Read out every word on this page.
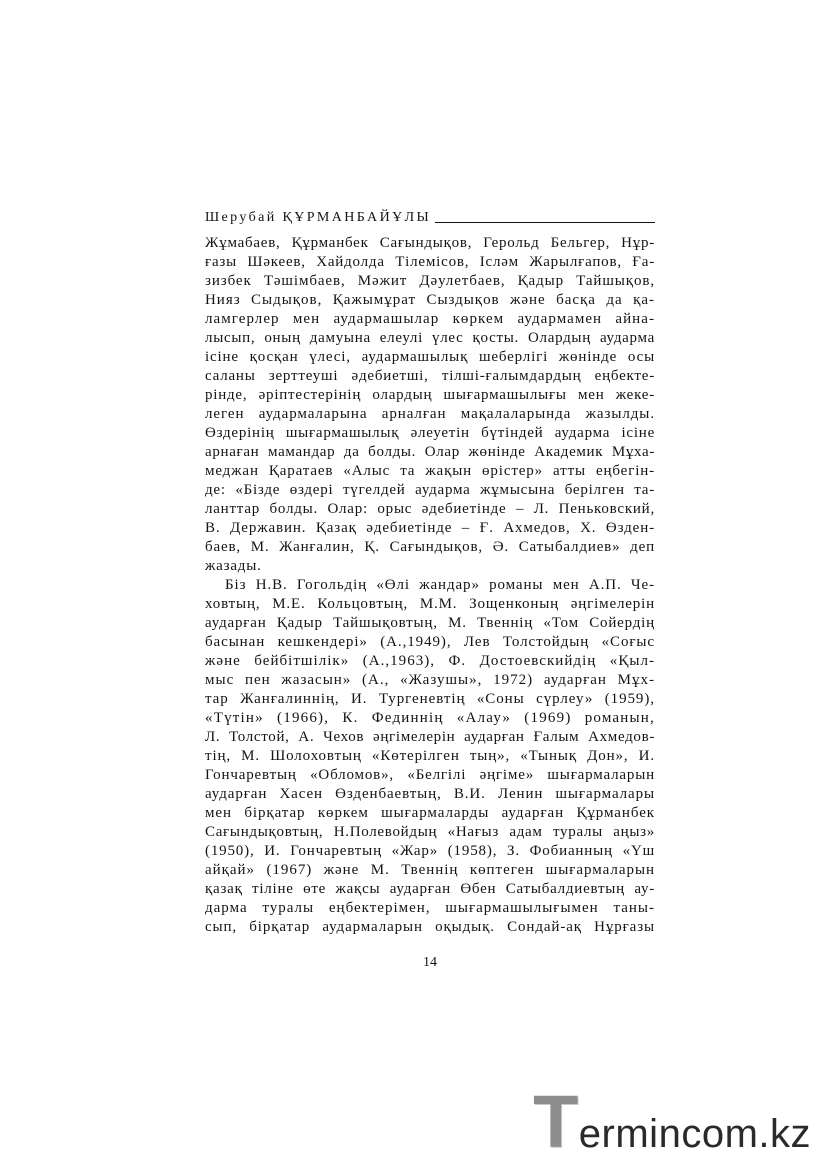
Шерубай ҚҰРМАНБАЙҰЛЫ
Жұмабаев, Құрманбек Сағындықов, Герольд Бельгер, Нұр-
ғазы Шәкеев, Хайдолда Тілемісов, Ісләм Жарылғапов, Ға-
зизбек Тәшімбаев, Мәжит Дәулетбаев, Қадыр Тайшықов,
Нияз Сыдықов, Қажымұрат Сыздықов және басқа да қа-
ламгерлер мен аудармашылар көркем аудармамен айна-
лысып, оның дамуына елеулі үлес қосты. Олардың аударма
ісіне қосқан үлесі, аудармашылық шеберлігі жөнінде осы
саланы зерттеуші әдебиетші, тілші-ғалымдардың еңбекте-
рінде, әріптестерінің олардың шығармашылығы мен жеке-
леген аудармаларына арналған мақалаларында жазылды.
Өздерінің шығармашылық әлеуетін бүтіндей аударма ісіне
арнаған мамандар да болды. Олар жөнінде Академик Мұха-
меджан Қаратаев «Алыс та жақын өрістер» атты еңбегін-
де: «Бізде өздері түгелдей аударма жұмысына берілген та-
ланттар болды. Олар: орыс әдебиетінде – Л. Пеньковский,
В. Державин. Қазақ әдебиетінде – Ғ. Ахмедов, Х. Өзден-
баев, М. Жанғалин, Қ. Сағындықов, Ә. Сатыбалдиев» деп
жазады.
Біз Н.В. Гогольдің «Өлі жандар» романы мен А.П. Че-
ховтың, М.Е. Кольцовтың, М.М. Зощенконың әңгімелерін
аударған Қадыр Тайшықовтың, М. Твеннің «Том Сойердің
басынан кешкендері» (А.,1949), Лев Толстойдың «Соғыс
және бейбітшілік» (А.,1963), Ф. Достоевскийдің «Қыл-
мыс пен жазасын» (А., «Жазушы», 1972) аударған Мұх-
тар Жанғалиннің, И. Тургеневтің «Соны сүрлеу» (1959),
«Түтін» (1966), К. Фединнің «Алау» (1969) романын,
Л. Толстой, А. Чехов әңгімелерін аударған Ғалым Ахмедов-
тің, М. Шолоховтың «Көтерілген тың», «Тынық Дон», И.
Гончаревтың «Обломов», «Белгілі әңгіме» шығармаларын
аударған Хасен Өзденбаевтың, В.И. Ленин шығармалары
мен бірқатар көркем шығармаларды аударған Құрманбек
Сағындықовтың, Н.Полевойдың «Нағыз адам туралы аңыз»
(1950), И. Гончаревтың «Жар» (1958), З. Фобианның «Үш
айқай» (1967) және М. Твеннің көптеген шығармаларын
қазақ тіліне өте жақсы аударған Өбен Сатыбалдиевтың ау-
дарма туралы еңбектерімен, шығармашылығымен таны-
сып, бірқатар аудармаларын оқыдық. Сондай-ақ Нұрғазы
14
Termincom.kz
